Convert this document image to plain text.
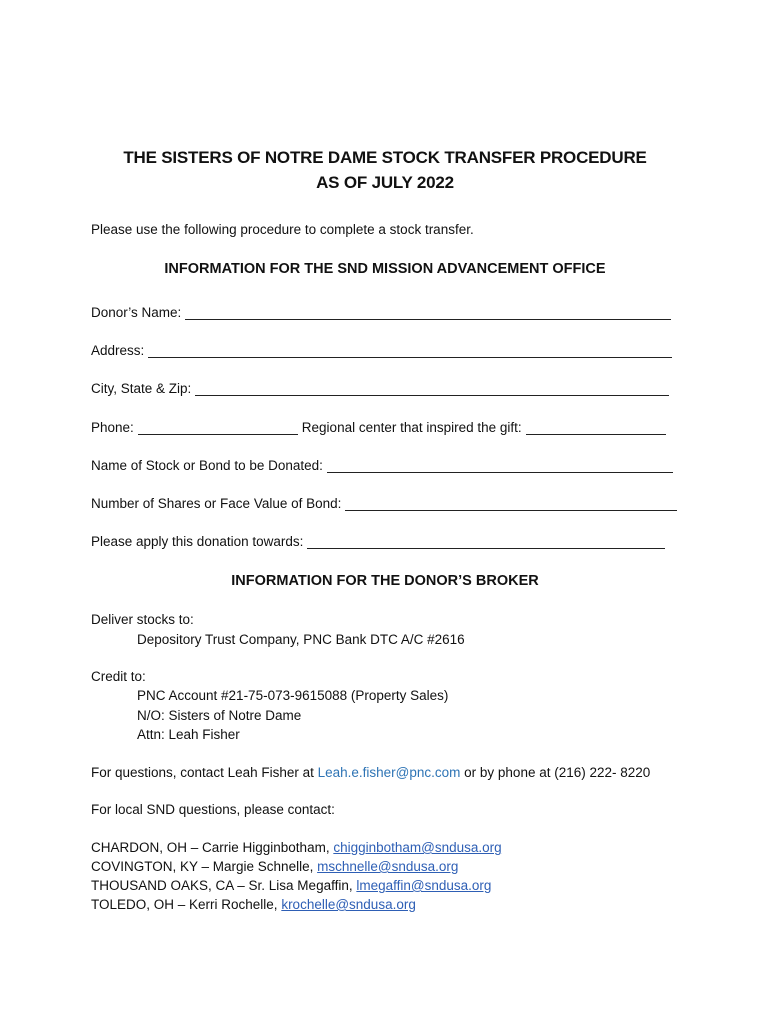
THE SISTERS OF NOTRE DAME STOCK TRANSFER PROCEDURE
AS OF JULY 2022
Please use the following procedure to complete a stock transfer.
INFORMATION FOR THE SND MISSION ADVANCEMENT OFFICE
Donor’s Name:
Address:
City, State & Zip:
Phone:	Regional center that inspired the gift:
Name of Stock or Bond to be Donated:
Number of Shares or Face Value of Bond:
Please apply this donation towards:
INFORMATION FOR THE DONOR’S BROKER
Deliver stocks to:
Depository Trust Company, PNC Bank DTC A/C #2616
Credit to:
PNC Account #21-75-073-9615088 (Property Sales)
N/O: Sisters of Notre Dame
Attn: Leah Fisher
For questions, contact Leah Fisher at Leah.e.fisher@pnc.com or by phone at (216) 222- 8220
For local SND questions, please contact:
CHARDON, OH – Carrie Higginbotham, chigginbotham@sndusa.org
COVINGTON, KY – Margie Schnelle, mschnelle@sndusa.org
THOUSAND OAKS, CA – Sr. Lisa Megaffin, lmegaffin@sndusa.org
TOLEDO, OH – Kerri Rochelle, krochelle@sndusa.org
